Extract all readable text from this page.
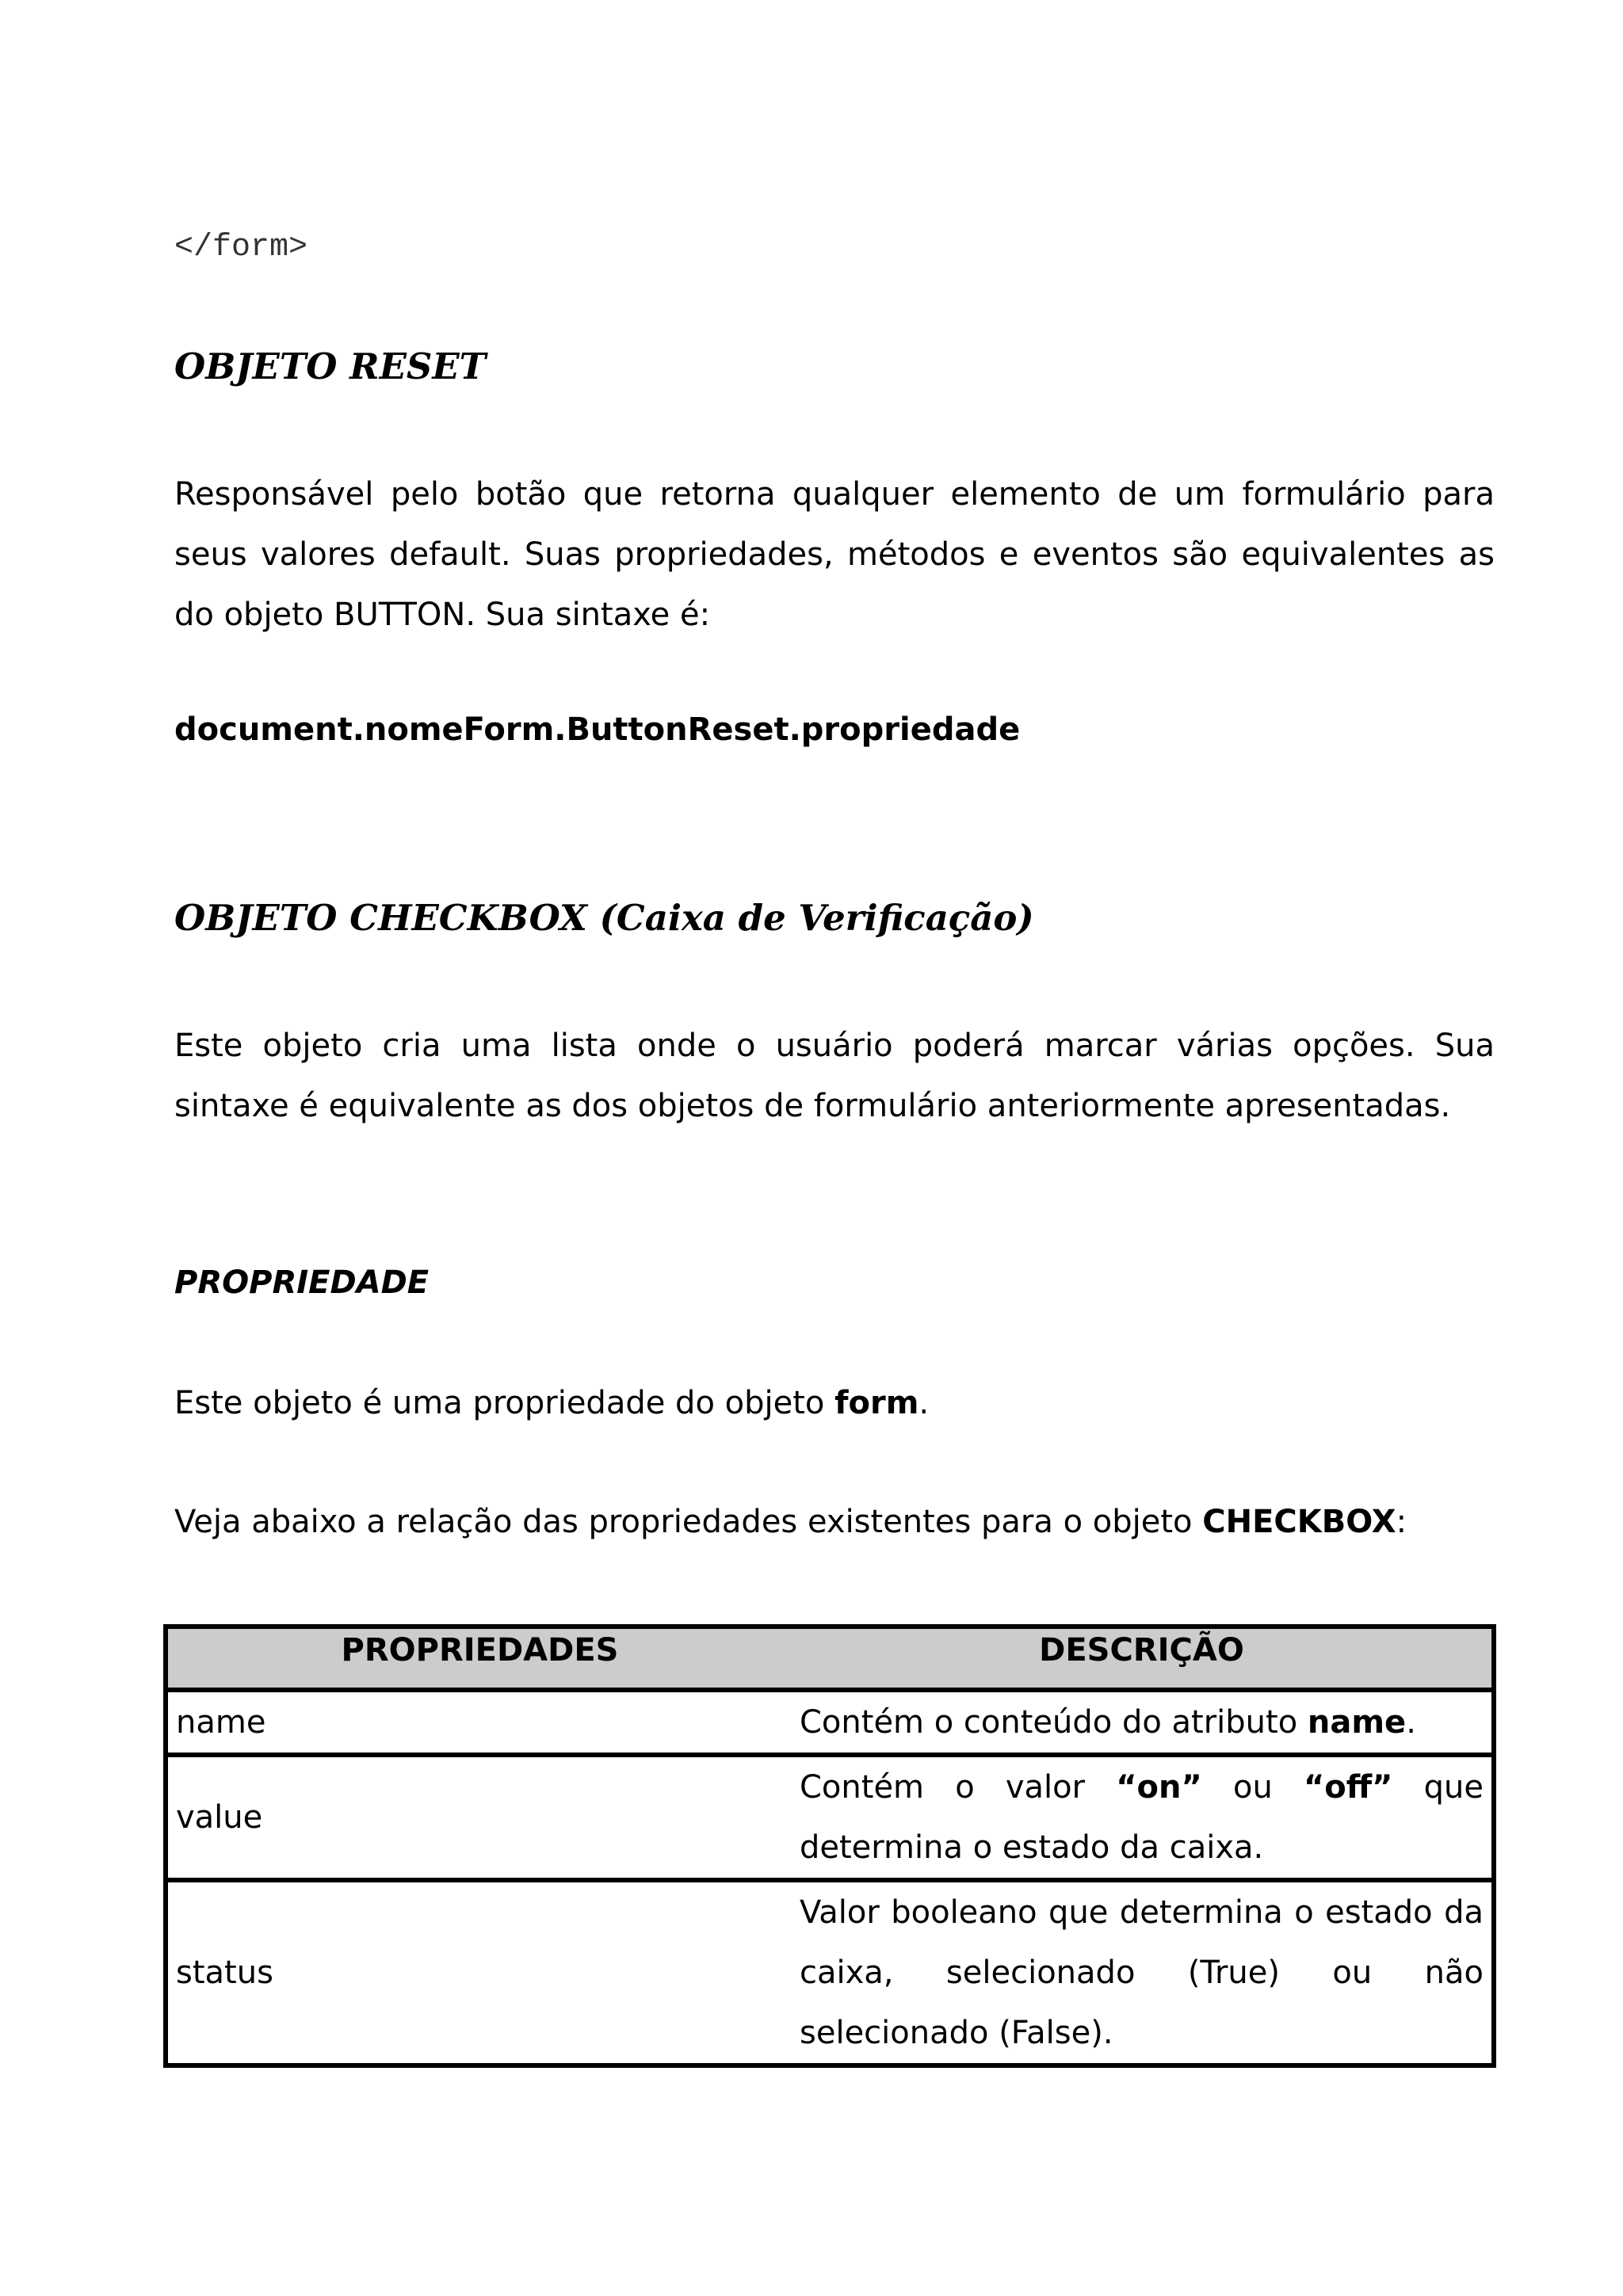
</form>
OBJETO RESET

Responsável pelo botão que retorna qualquer elemento de um formulário para seus valores default. Suas propriedades, métodos e eventos são equivalentes as do objeto BUTTON. Sua sintaxe é:

document.nomeForm.ButtonReset.propriedade
OBJETO CHECKBOX (Caixa de Verificação)

Este objeto cria uma lista onde o usuário poderá marcar várias opções. Sua sintaxe é equivalente as dos objetos de formulário anteriormente apresentadas.

PROPRIEDADE
Este objeto é uma propriedade do objeto form.
Veja abaixo a relação das propriedades existentes para o objeto CHECKBOX:
PROPRIEDADES	DESCRIÇÃO
name	Contém o conteúdo do atributo name.
value	Contém o valor “on” ou “off” que determina o estado da caixa.
status	Valor booleano que determina o estado da caixa, selecionado (True) ou não selecionado (False).
